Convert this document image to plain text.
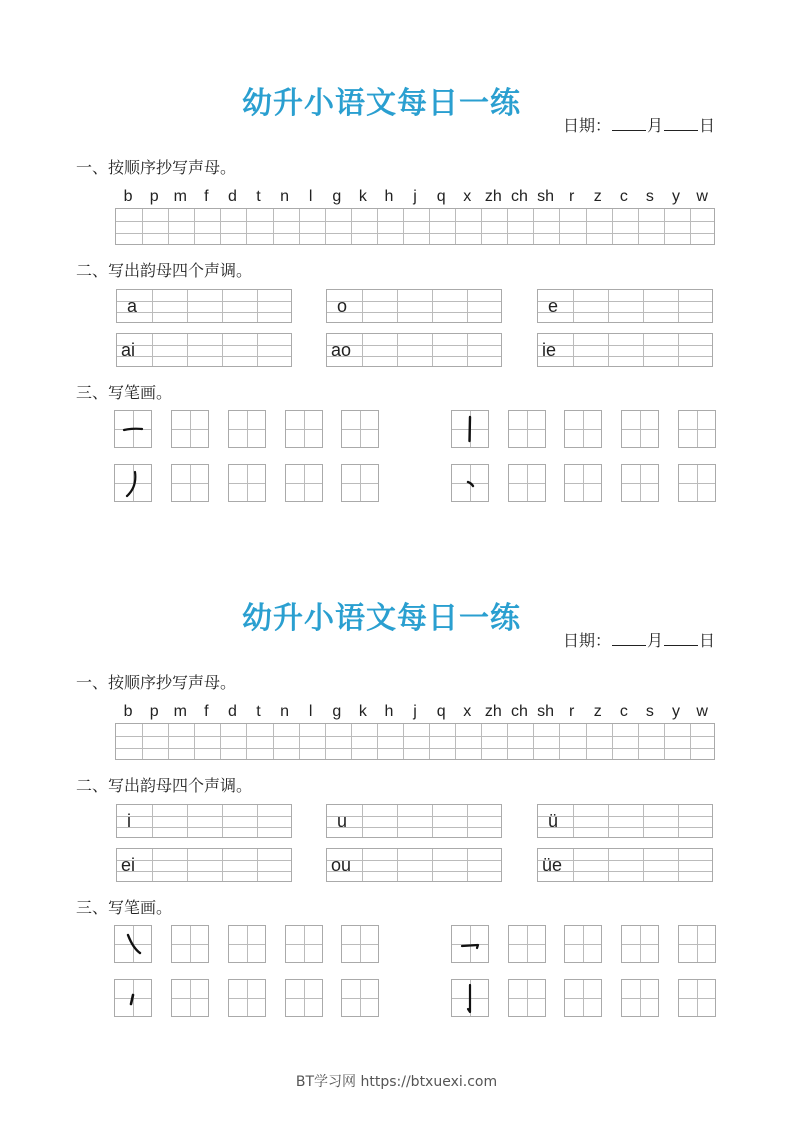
幼升小语文每日一练
日期： 月 日
一、按顺序抄写声母。
b	p m	f	d	t	n	l	g	k	h	j	q	x zh ch sh r	z	c	s	y	w
二、写出韵母四个声调。
a	o	e
ai	ao	ie
三、写笔画。
幼升小语文每日一练
日期： 月 日
一、按顺序抄写声母。
b	p m	f	d	t	n	l	g	k	h	j	q	x zh ch sh r	z	c	s	y	w
二、写出韵母四个声调。
i	u	ü
ei	ou	üe
三、写笔画。
BT学习网 https://btxuexi.com
